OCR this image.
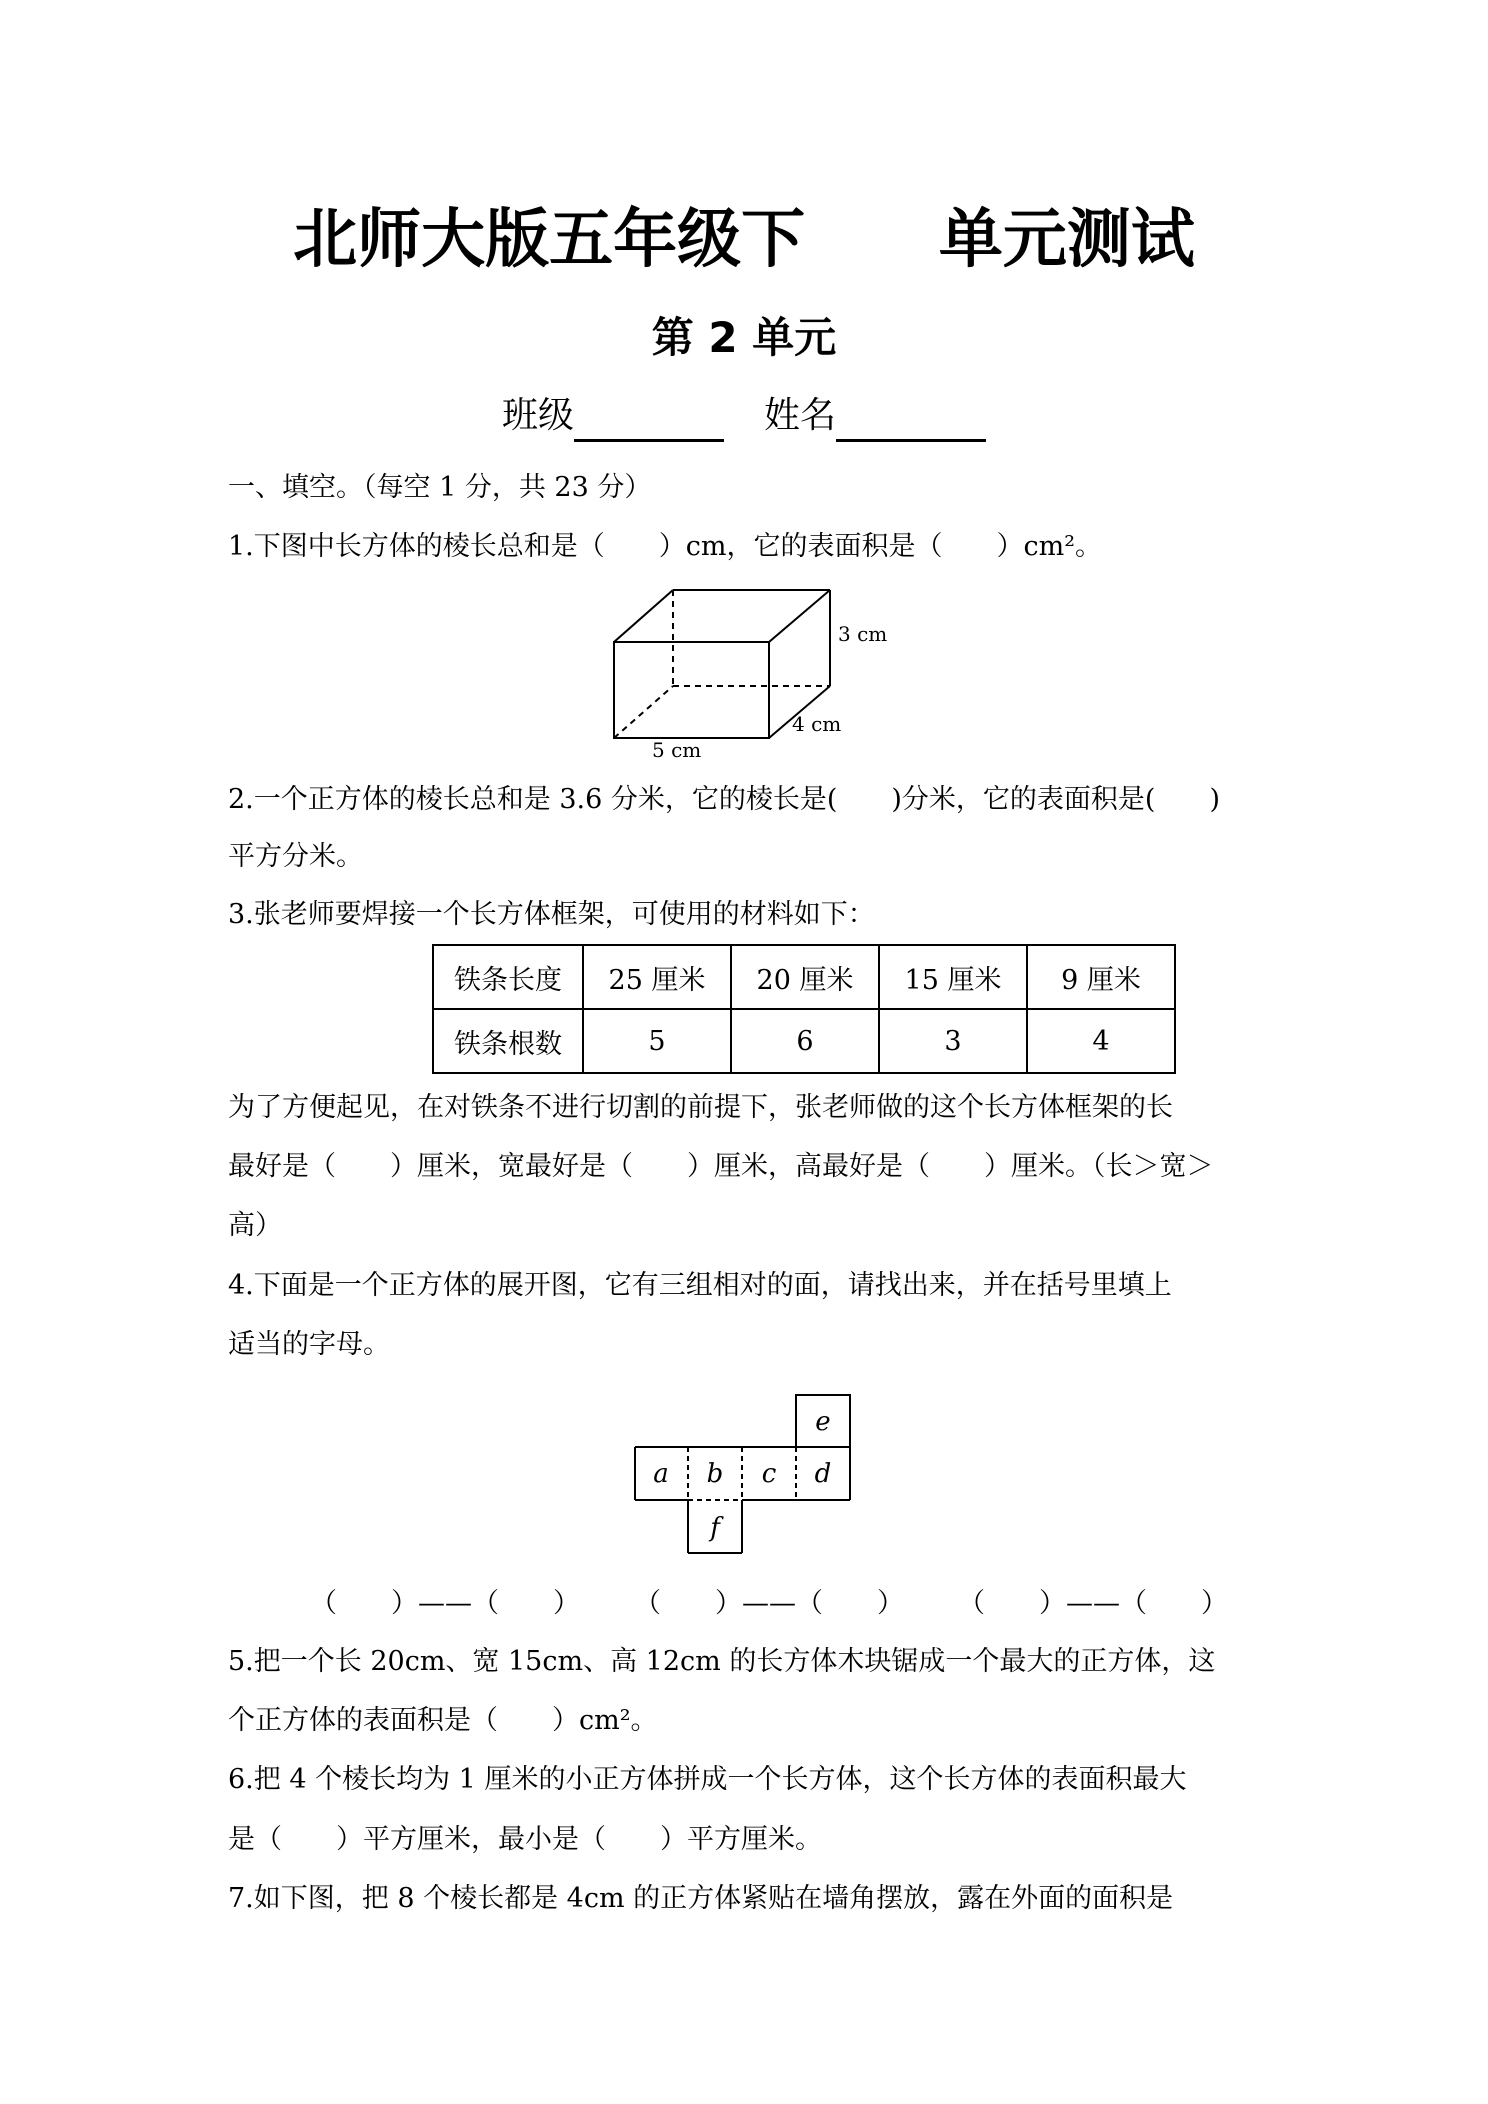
北师大版五年级下      单元测试
第 2 单元
班级	姓名
一、填空。（每空 1 分，共 23 分）
1.下图中长方体的棱长总和是（　　）cm，它的表面积是（　　）cm²。
3 cm
4 cm
5 cm
2.一个正方体的棱长总和是 3.6 分米，它的棱长是(　　)分米，它的表面积是(　　)
平方分米。
3.张老师要焊接一个长方体框架，可使用的材料如下：
铁条长度	25 厘米	20 厘米	15 厘米	9 厘米
铁条根数	5	6	3	4
为了方便起见，在对铁条不进行切割的前提下，张老师做的这个长方体框架的长
最好是（　　）厘米，宽最好是（　　）厘米，高最好是（　　）厘米。（长＞宽＞
高）
4.下面是一个正方体的展开图，它有三组相对的面，请找出来，并在括号里填上
适当的字母。
a b c d
e
f
（　　）——（　　）　　　（　　）——（　　）　　　（　　）——（　　）
5.把一个长 20cm、宽 15cm、高 12cm 的长方体木块锯成一个最大的正方体，这
个正方体的表面积是（　　）cm²。
6.把 4 个棱长均为 1 厘米的小正方体拼成一个长方体，这个长方体的表面积最大
是（　　）平方厘米，最小是（　　）平方厘米。
7.如下图，把 8 个棱长都是 4cm 的正方体紧贴在墙角摆放，露在外面的面积是
